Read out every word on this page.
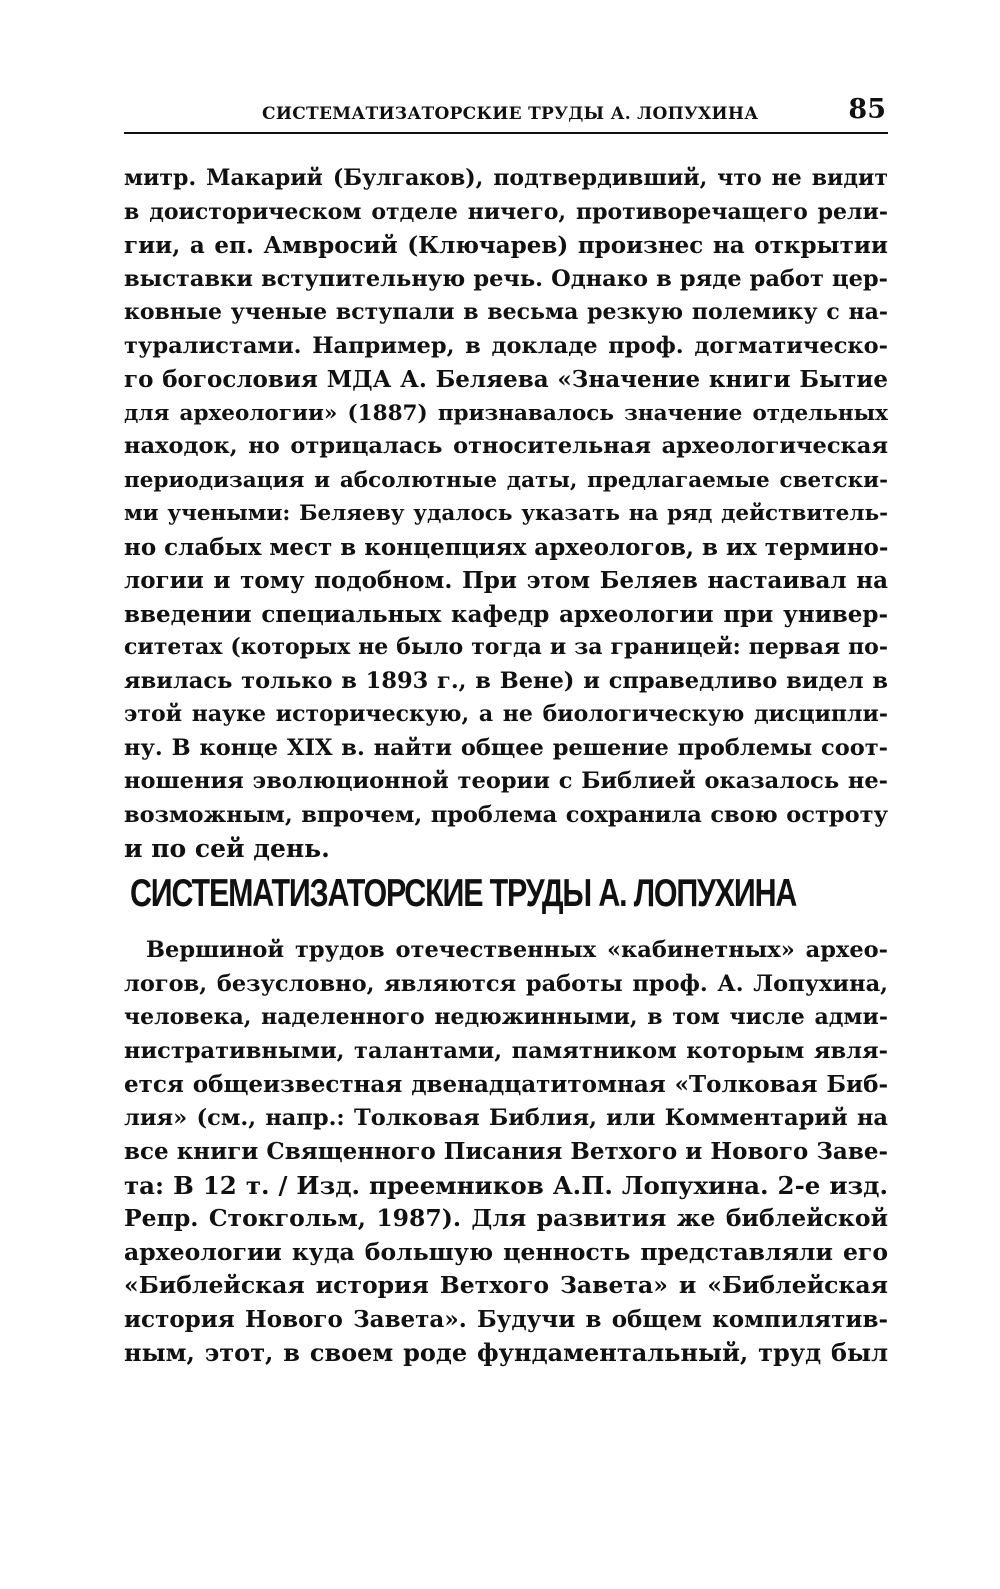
СИСТЕМАТИЗАТОРСКИЕ ТРУДЫ А. ЛОПУХИНА	85
митр. Макарий (Булгаков), подтвердивший, что не видит
в доисторическом отделе ничего, противоречащего рели-
гии, а еп. Амвросий (Ключарев) произнес на открытии
выставки вступительную речь. Однако в ряде работ цер-
ковные ученые вступали в весьма резкую полемику с на-
туралистами. Например, в докладе проф. догматическо-
го богословия МДА А. Беляева «Значение книги Бытие
для археологии» (1887) признавалось значение отдельных
находок, но отрицалась относительная археологическая
периодизация и абсолютные даты, предлагаемые светски-
ми учеными: Беляеву удалось указать на ряд действитель-
но слабых мест в концепциях археологов, в их термино-
логии и тому подобном. При этом Беляев настаивал на
введении специальных кафедр археологии при универ-
ситетах (которых не было тогда и за границей: первая по-
явилась только в 1893 г., в Вене) и справедливо видел в
этой науке историческую, а не биологическую дисципли-
ну. В конце XIX в. найти общее решение проблемы соот-
ношения эволюционной теории с Библией оказалось не-
возможным, впрочем, проблема сохранила свою остроту
и по сей день.
СИСТЕМАТИЗАТОРСКИЕ ТРУДЫ А. ЛОПУХИНА
Вершиной трудов отечественных «кабинетных» архео-
логов, безусловно, являются работы проф. А. Лопухина,
человека, наделенного недюжинными, в том числе адми-
нистративными, талантами, памятником которым явля-
ется общеизвестная двенадцатитомная «Толковая Биб-
лия» (см., напр.: Толковая Библия, или Комментарий на
все книги Священного Писания Ветхого и Нового Заве-
та: В 12 т. / Изд. преемников А.П. Лопухина. 2-е изд.
Репр. Стокгольм, 1987). Для развития же библейской
археологии куда большую ценность представляли его
«Библейская история Ветхого Завета» и «Библейская
история Нового Завета». Будучи в общем компилятив-
ным, этот, в своем роде фундаментальный, труд был
